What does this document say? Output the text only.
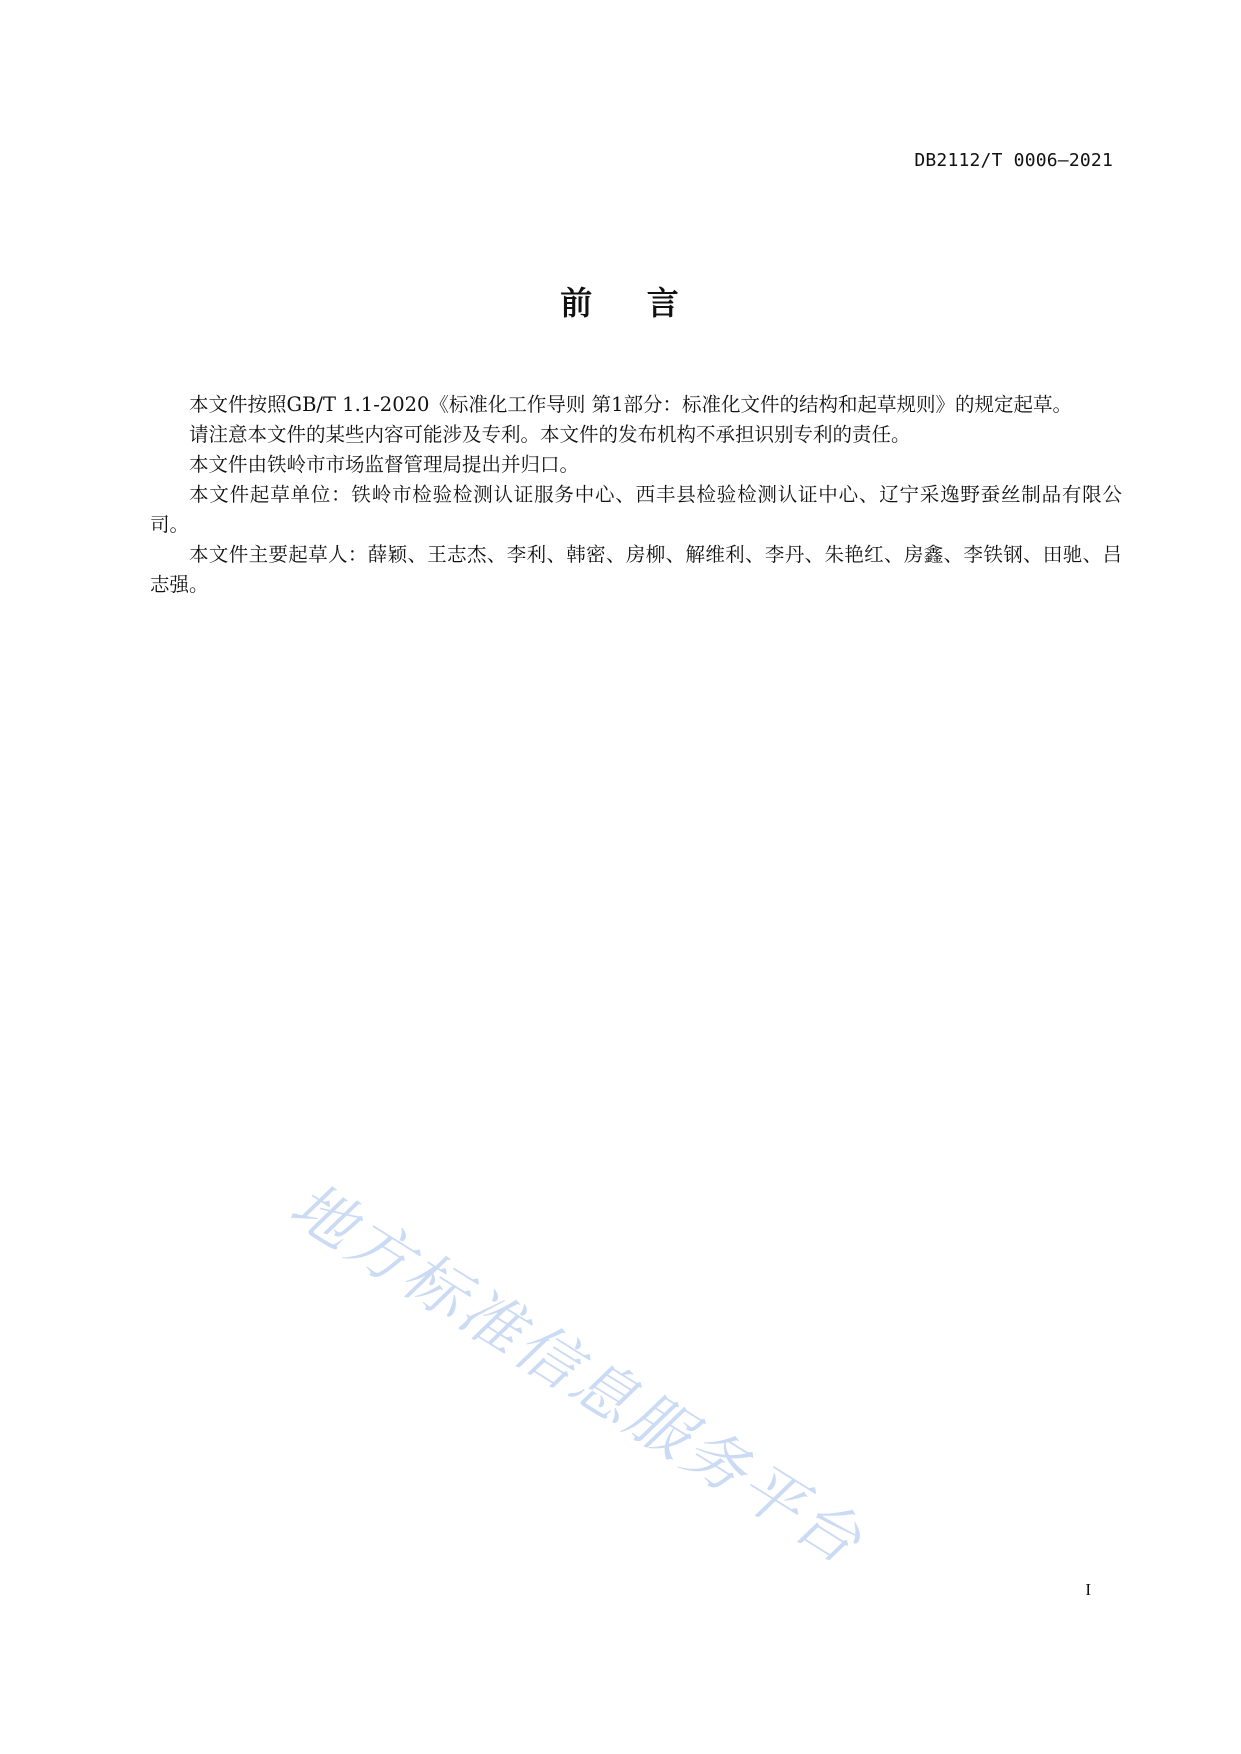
DB2112/T 0006—2021
前    言

本文件按照GB/T 1.1-2020《标准化工作导则 第1部分：标准化文件的结构和起草规则》的规定起草。

请注意本文件的某些内容可能涉及专利。本文件的发布机构不承担识别专利的责任。

本文件由铁岭市市场监督管理局提出并归口。

本文件起草单位：铁岭市检验检测认证服务中心、西丰县检验检测认证中心、辽宁采逸野蚕丝制品有限公司。

本文件主要起草人：薛颖、王志杰、李利、韩密、房柳、解维利、李丹、朱艳红、房鑫、李铁钢、田驰、吕志强。

地方标准信息服务平台
I
